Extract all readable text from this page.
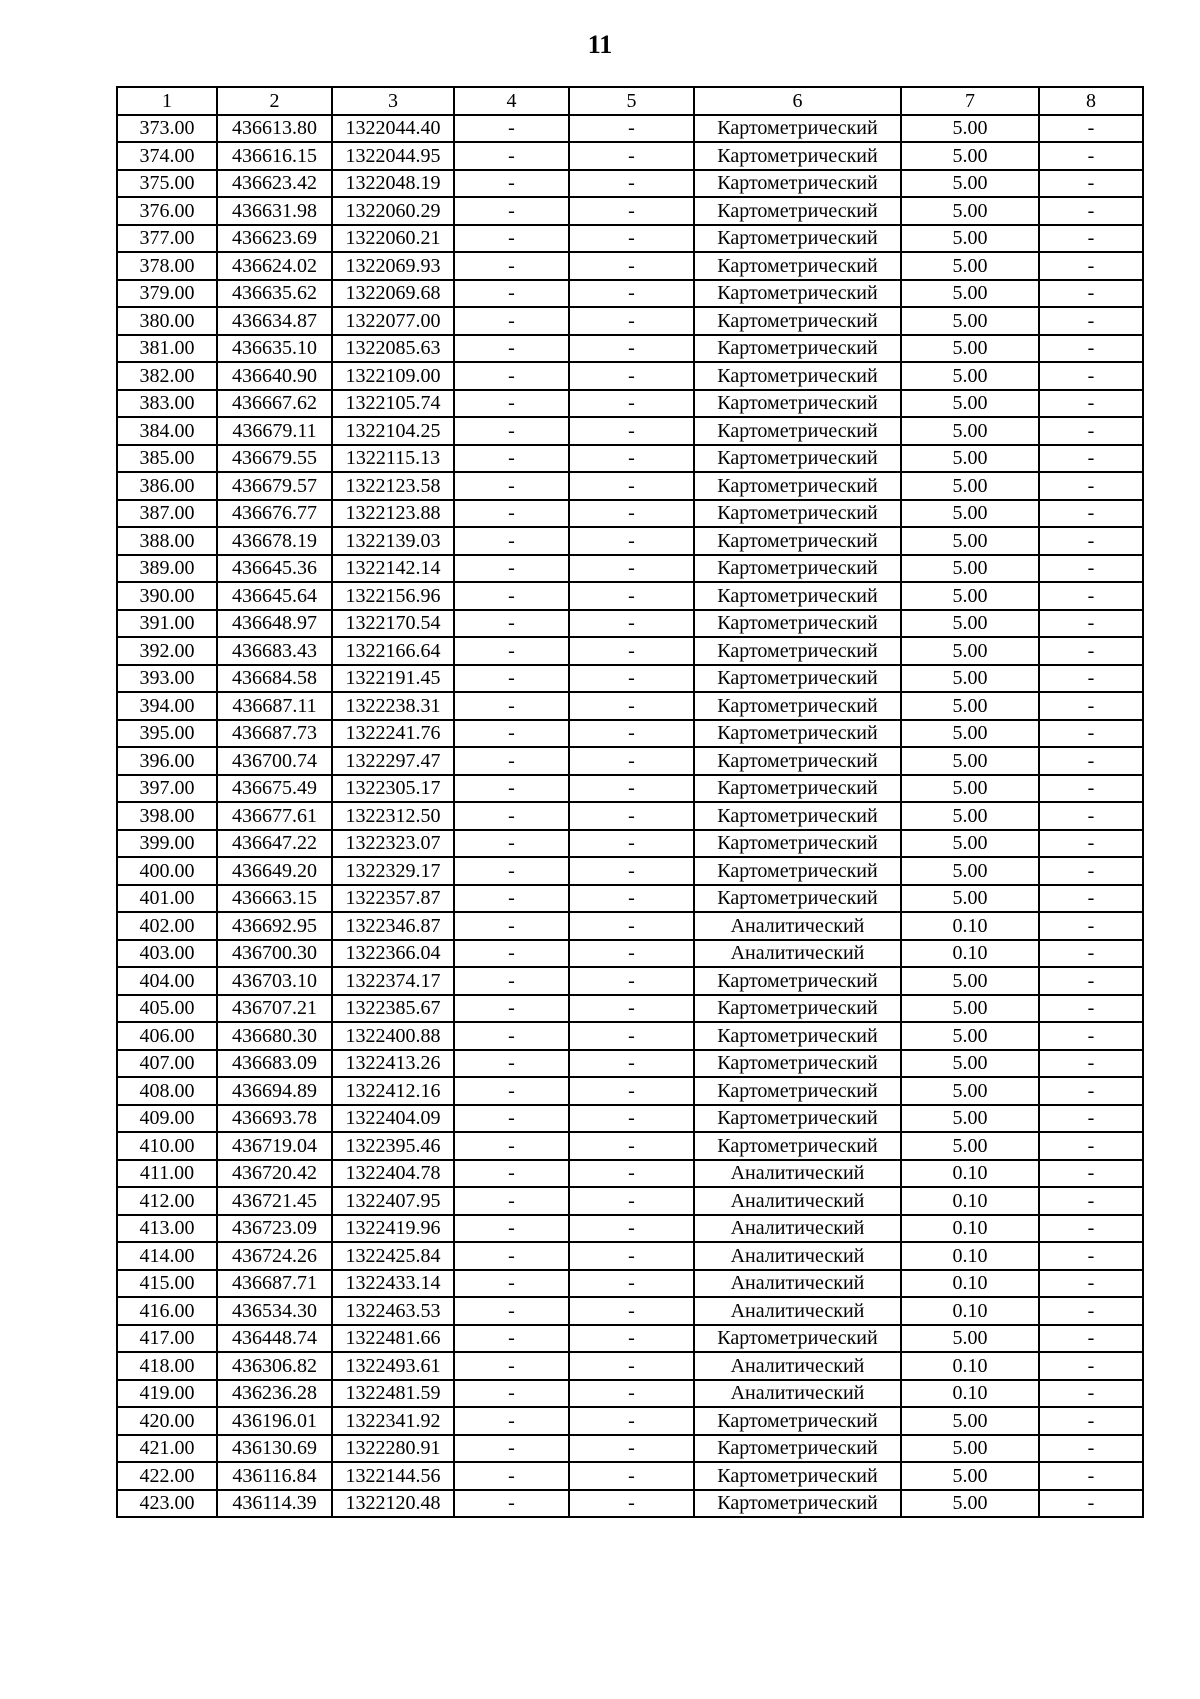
11
1	2	3	4	5	6	7	8
373.00	436613.80	1322044.40	-	-	Картометрический	5.00	-
374.00	436616.15	1322044.95	-	-	Картометрический	5.00	-
375.00	436623.42	1322048.19	-	-	Картометрический	5.00	-
376.00	436631.98	1322060.29	-	-	Картометрический	5.00	-
377.00	436623.69	1322060.21	-	-	Картометрический	5.00	-
378.00	436624.02	1322069.93	-	-	Картометрический	5.00	-
379.00	436635.62	1322069.68	-	-	Картометрический	5.00	-
380.00	436634.87	1322077.00	-	-	Картометрический	5.00	-
381.00	436635.10	1322085.63	-	-	Картометрический	5.00	-
382.00	436640.90	1322109.00	-	-	Картометрический	5.00	-
383.00	436667.62	1322105.74	-	-	Картометрический	5.00	-
384.00	436679.11	1322104.25	-	-	Картометрический	5.00	-
385.00	436679.55	1322115.13	-	-	Картометрический	5.00	-
386.00	436679.57	1322123.58	-	-	Картометрический	5.00	-
387.00	436676.77	1322123.88	-	-	Картометрический	5.00	-
388.00	436678.19	1322139.03	-	-	Картометрический	5.00	-
389.00	436645.36	1322142.14	-	-	Картометрический	5.00	-
390.00	436645.64	1322156.96	-	-	Картометрический	5.00	-
391.00	436648.97	1322170.54	-	-	Картометрический	5.00	-
392.00	436683.43	1322166.64	-	-	Картометрический	5.00	-
393.00	436684.58	1322191.45	-	-	Картометрический	5.00	-
394.00	436687.11	1322238.31	-	-	Картометрический	5.00	-
395.00	436687.73	1322241.76	-	-	Картометрический	5.00	-
396.00	436700.74	1322297.47	-	-	Картометрический	5.00	-
397.00	436675.49	1322305.17	-	-	Картометрический	5.00	-
398.00	436677.61	1322312.50	-	-	Картометрический	5.00	-
399.00	436647.22	1322323.07	-	-	Картометрический	5.00	-
400.00	436649.20	1322329.17	-	-	Картометрический	5.00	-
401.00	436663.15	1322357.87	-	-	Картометрический	5.00	-
402.00	436692.95	1322346.87	-	-	Аналитический	0.10	-
403.00	436700.30	1322366.04	-	-	Аналитический	0.10	-
404.00	436703.10	1322374.17	-	-	Картометрический	5.00	-
405.00	436707.21	1322385.67	-	-	Картометрический	5.00	-
406.00	436680.30	1322400.88	-	-	Картометрический	5.00	-
407.00	436683.09	1322413.26	-	-	Картометрический	5.00	-
408.00	436694.89	1322412.16	-	-	Картометрический	5.00	-
409.00	436693.78	1322404.09	-	-	Картометрический	5.00	-
410.00	436719.04	1322395.46	-	-	Картометрический	5.00	-
411.00	436720.42	1322404.78	-	-	Аналитический	0.10	-
412.00	436721.45	1322407.95	-	-	Аналитический	0.10	-
413.00	436723.09	1322419.96	-	-	Аналитический	0.10	-
414.00	436724.26	1322425.84	-	-	Аналитический	0.10	-
415.00	436687.71	1322433.14	-	-	Аналитический	0.10	-
416.00	436534.30	1322463.53	-	-	Аналитический	0.10	-
417.00	436448.74	1322481.66	-	-	Картометрический	5.00	-
418.00	436306.82	1322493.61	-	-	Аналитический	0.10	-
419.00	436236.28	1322481.59	-	-	Аналитический	0.10	-
420.00	436196.01	1322341.92	-	-	Картометрический	5.00	-
421.00	436130.69	1322280.91	-	-	Картометрический	5.00	-
422.00	436116.84	1322144.56	-	-	Картометрический	5.00	-
423.00	436114.39	1322120.48	-	-	Картометрический	5.00	-
